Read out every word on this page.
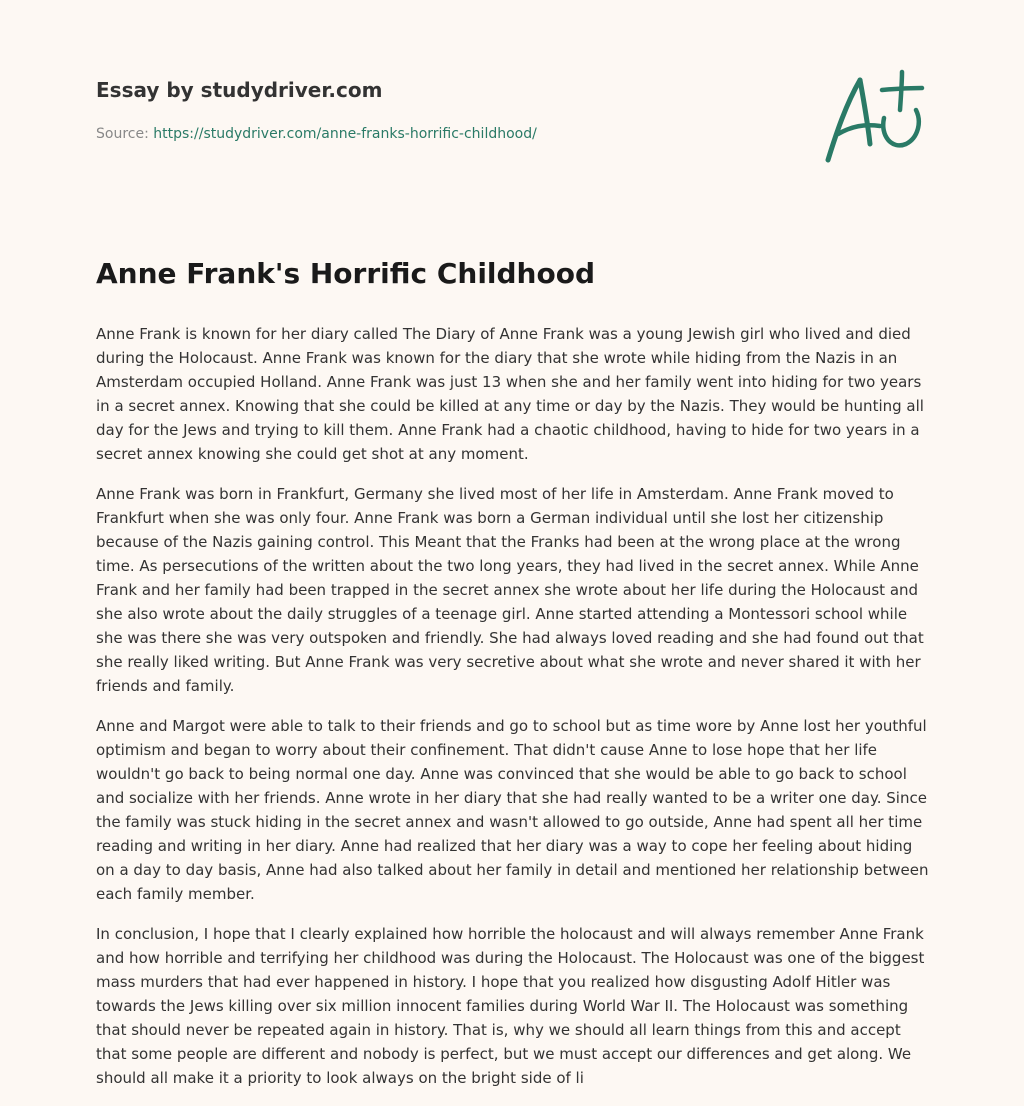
Essay by studydriver.com
Source: https://studydriver.com/anne-franks-horrific-childhood/
Anne Frank's Horrific Childhood

Anne Frank is known for her diary called The Diary of Anne Frank was a young Jewish girl who lived and died during the Holocaust. Anne Frank was known for the diary that she wrote while hiding from the Nazis in an Amsterdam occupied Holland. Anne Frank was just 13 when she and her family went into hiding for two years in a secret annex. Knowing that she could be killed at any time or day by the Nazis. They would be hunting all day for the Jews and trying to kill them. Anne Frank had a chaotic childhood, having to hide for two years in a secret annex knowing she could get shot at any moment.

Anne Frank was born in Frankfurt, Germany she lived most of her life in Amsterdam. Anne Frank moved to Frankfurt when she was only four. Anne Frank was born a German individual until she lost her citizenship because of the Nazis gaining control. This Meant that the Franks had been at the wrong place at the wrong time. As persecutions of the written about the two long years, they had lived in the secret annex. While Anne Frank and her family had been trapped in the secret annex she wrote about her life during the Holocaust and she also wrote about the daily struggles of a teenage girl. Anne started attending a Montessori school while she was there she was very outspoken and friendly. She had always loved reading and she had found out that she really liked writing. But Anne Frank was very secretive about what she wrote and never shared it with her friends and family.

Anne and Margot were able to talk to their friends and go to school but as time wore by Anne lost her youthful optimism and began to worry about their confinement. That didn't cause Anne to lose hope that her life wouldn't go back to being normal one day. Anne was convinced that she would be able to go back to school and socialize with her friends. Anne wrote in her diary that she had really wanted to be a writer one day. Since the family was stuck hiding in the secret annex and wasn't allowed to go outside, Anne had spent all her time reading and writing in her diary. Anne had realized that her diary was a way to cope her feeling about hiding on a day to day basis, Anne had also talked about her family in detail and mentioned her relationship between each family member.

In conclusion, I hope that I clearly explained how horrible the holocaust and will always remember Anne Frank and how horrible and terrifying her childhood was during the Holocaust. The Holocaust was one of the biggest mass murders that had ever happened in history. I hope that you realized how disgusting Adolf Hitler was towards the Jews killing over six million innocent families during World War II. The Holocaust was something that should never be repeated again in history. That is, why we should all learn things from this and accept that some people are different and nobody is perfect, but we must accept our differences and get along. We should all make it a priority to look always on the bright side of li
